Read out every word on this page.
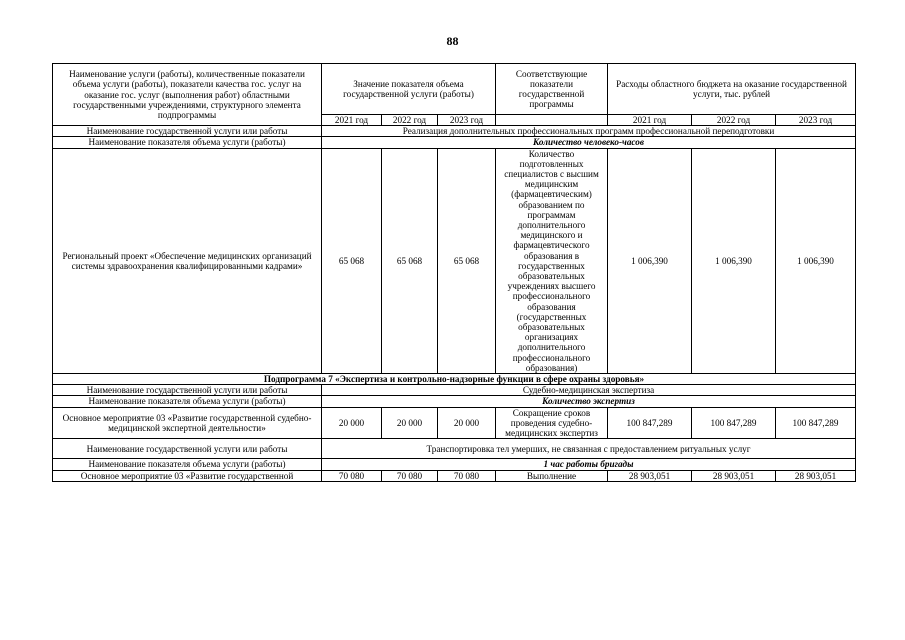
88
Наименование услуги (работы), количественные показатели объема услуги (работы), показатели качества гос. услуг на оказание гос. услуг (выполнения работ) областными государственными учреждениями, структурного элемента подпрограммы	Значение показателя объема государственной услуги (работы)			Соответствующие показатели государственной программы	Расходы областного бюджета на оказание государственной услуги, тыс. рублей		
	2021 год	2022 год	2023 год		2021 год	2022 год	2023 год
Наименование государственной услуги или работы	Реализация дополнительных профессиональных программ профессиональной переподготовки						
Наименование показателя объема услуги (работы)	Количество человеко-часов						
Региональный проект «Обеспечение медицинских организаций системы здравоохранения квалифицированными кадрами»	65 068	65 068	65 068	Количество подготовленных специалистов с высшим медицинским (фармацевтическим) образованием по программам дополнительного медицинского и фармацевтического образования в государственных образовательных учреждениях высшего профессионального образования (государственных образовательных организациях дополнительного профессионального образования)	1 006,390	1 006,390	1 006,390
Подпрограмма 7 «Экспертиза и контрольно-надзорные функции в сфере охраны здоровья»							
Наименование государственной услуги или работы	Судебно-медицинская экспертиза						
Наименование показателя объема услуги (работы)	Количество экспертиз						
Основное мероприятие 03 «Развитие государственной судебно-медицинской экспертной деятельности»	20 000	20 000	20 000	Сокращение сроков проведения судебно-медицинских экспертиз	100 847,289	100 847,289	100 847,289
Наименование государственной услуги или работы	Транспортировка тел умерших, не связанная с предоставлением ритуальных услуг						
Наименование показателя объема услуги (работы)	1 час работы бригады						
Основное мероприятие 03 «Развитие государственной	70 080	70 080	70 080	Выполнение	28 903,051	28 903,051	28 903,051
